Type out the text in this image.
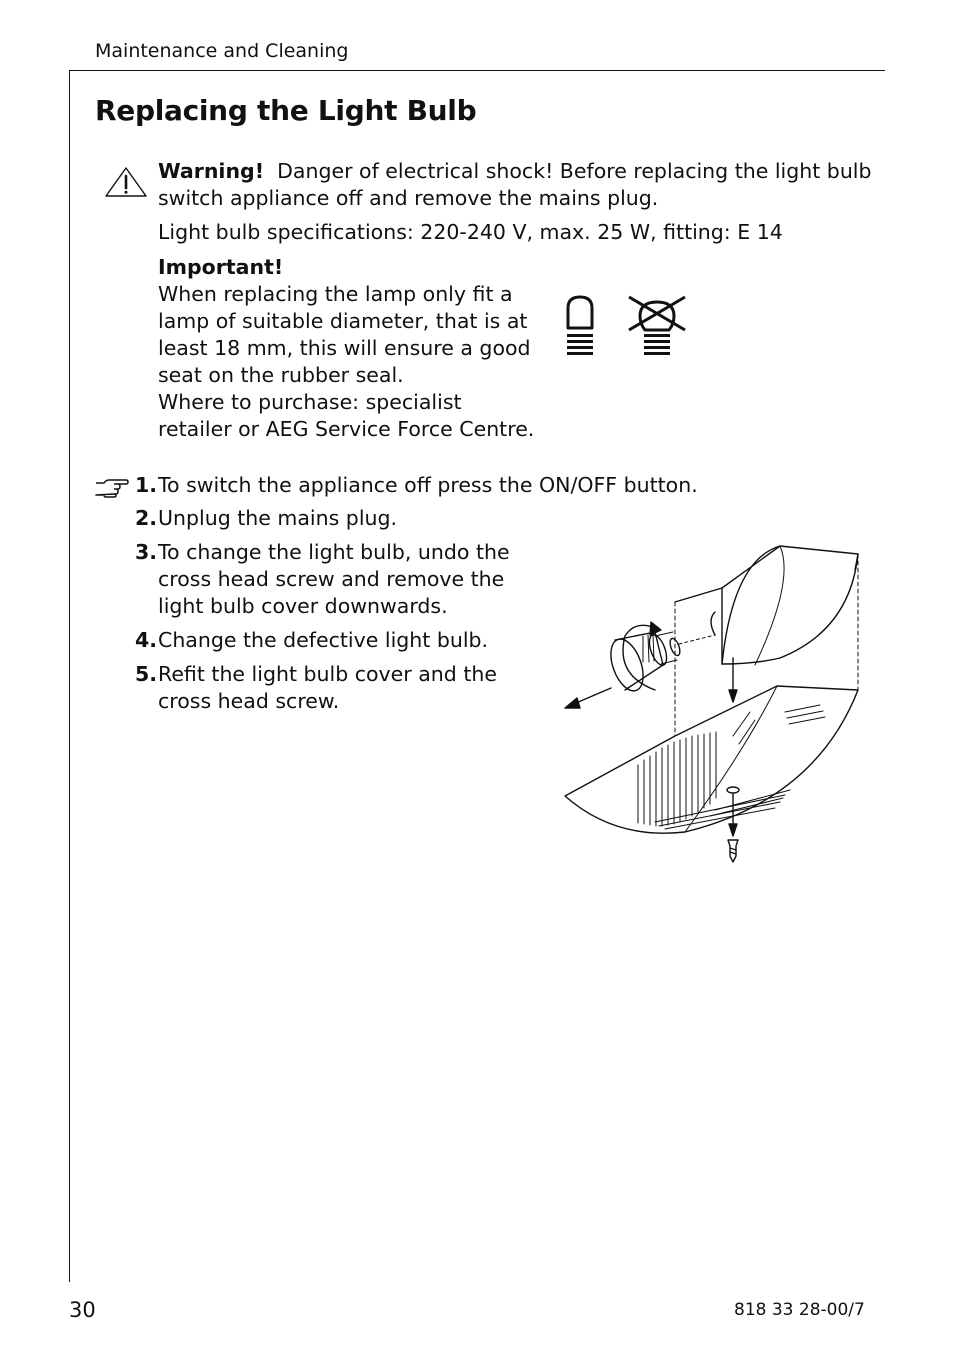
Maintenance and Cleaning
Replacing the Light Bulb
Warning! Danger of electrical shock! Before replacing the light bulb
switch appliance off and remove the mains plug.
Light bulb specifications: 220-240 V, max. 25 W, fitting: E 14
Important!
When replacing the lamp only fit a
lamp of suitable diameter, that is at
least 18 mm, this will ensure a good
seat on the rubber seal.
Where to purchase: specialist
retailer or AEG Service Force Centre.
1. To switch the appliance off press the ON/OFF button.
2. Unplug the mains plug.
3. To change the light bulb, undo the
cross head screw and remove the
light bulb cover downwards.
4. Change the defective light bulb.
5. Refit the light bulb cover and the
cross head screw.
30	818 33 28-00/7
